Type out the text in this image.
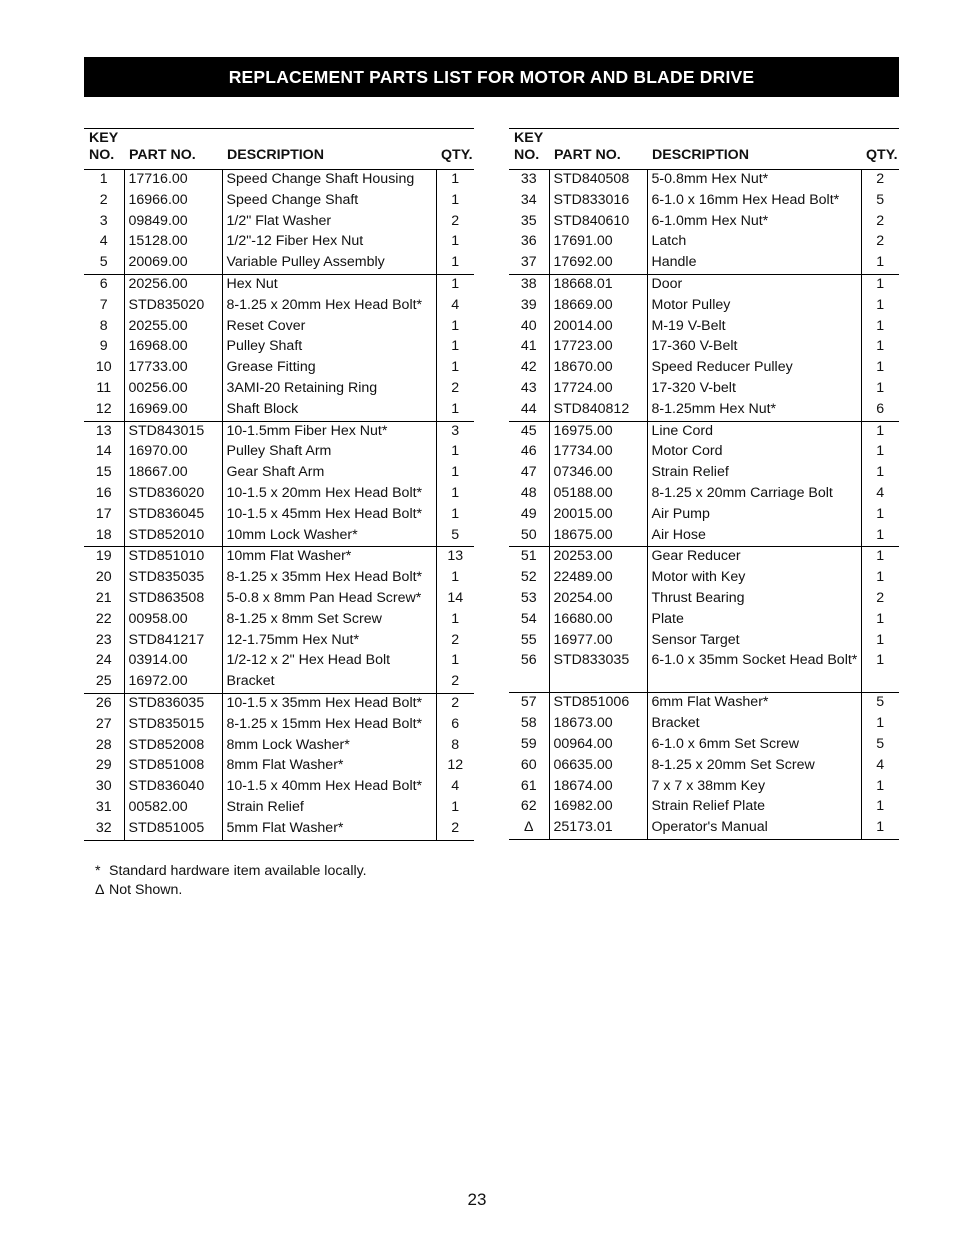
REPLACEMENT PARTS LIST FOR MOTOR AND BLADE DRIVE
KEY
NO.	PART NO.	DESCRIPTION	QTY.
1	17716.00	Speed Change Shaft Housing	1
2	16966.00	Speed Change Shaft	1
3	09849.00	1/2" Flat Washer	2
4	15128.00	1/2"-12 Fiber Hex Nut	1
5	20069.00	Variable Pulley Assembly	1
6	20256.00	Hex Nut	1
7	STD835020	8-1.25 x 20mm Hex Head Bolt*	4
8	20255.00	Reset Cover	1
9	16968.00	Pulley Shaft	1
10	17733.00	Grease Fitting	1
11	00256.00	3AMI-20 Retaining Ring	2
12	16969.00	Shaft Block	1
13	STD843015	10-1.5mm Fiber Hex Nut*	3
14	16970.00	Pulley Shaft Arm	1
15	18667.00	Gear Shaft Arm	1
16	STD836020	10-1.5 x 20mm Hex Head Bolt*	1
17	STD836045	10-1.5 x 45mm Hex Head Bolt*	1
18	STD852010	10mm Lock Washer*	5
19	STD851010	10mm Flat Washer*	13
20	STD835035	8-1.25 x 35mm Hex Head Bolt*	1
21	STD863508	5-0.8 x 8mm Pan Head Screw*	14
22	00958.00	8-1.25 x 8mm Set Screw	1
23	STD841217	12-1.75mm Hex Nut*	2
24	03914.00	1/2-12 x 2" Hex Head Bolt	1
25	16972.00	Bracket	2
26	STD836035	10-1.5 x 35mm Hex Head Bolt*	2
27	STD835015	8-1.25 x 15mm Hex Head Bolt*	6
28	STD852008	8mm Lock Washer*	8
29	STD851008	8mm Flat Washer*	12
30	STD836040	10-1.5 x 40mm Hex Head Bolt*	4
31	00582.00	Strain Relief	1
32	STD851005	5mm Flat Washer*	2
KEY
NO.	PART NO.	DESCRIPTION	QTY.
33	STD840508	5-0.8mm Hex Nut*	2
34	STD833016	6-1.0 x 16mm Hex Head Bolt*	5
35	STD840610	6-1.0mm Hex Nut*	2
36	17691.00	Latch	2
37	17692.00	Handle	1
38	18668.01	Door	1
39	18669.00	Motor Pulley	1
40	20014.00	M-19 V-Belt	1
41	17723.00	17-360 V-Belt	1
42	18670.00	Speed Reducer Pulley	1
43	17724.00	17-320 V-belt	1
44	STD840812	8-1.25mm Hex Nut*	6
45	16975.00	Line Cord	1
46	17734.00	Motor Cord	1
47	07346.00	Strain Relief	1
48	05188.00	8-1.25 x 20mm Carriage Bolt	4
49	20015.00	Air Pump	1
50	18675.00	Air Hose	1
51	20253.00	Gear Reducer	1
52	22489.00	Motor with Key	1
53	20254.00	Thrust Bearing	2
54	16680.00	Plate	1
55	16977.00	Sensor Target	1
56	STD833035	6-1.0 x 35mm Socket Head Bolt*	1
57	STD851006	6mm Flat Washer*	5
58	18673.00	Bracket	1
59	00964.00	6-1.0 x 6mm Set Screw	5
60	06635.00	8-1.25 x 20mm Set Screw	4
61	18674.00	7 x 7 x 38mm Key	1
62	16982.00	Strain Relief Plate	1
Δ	25173.01	Operator's Manual	1
* Standard hardware item available locally.
Δ Not Shown.
23
